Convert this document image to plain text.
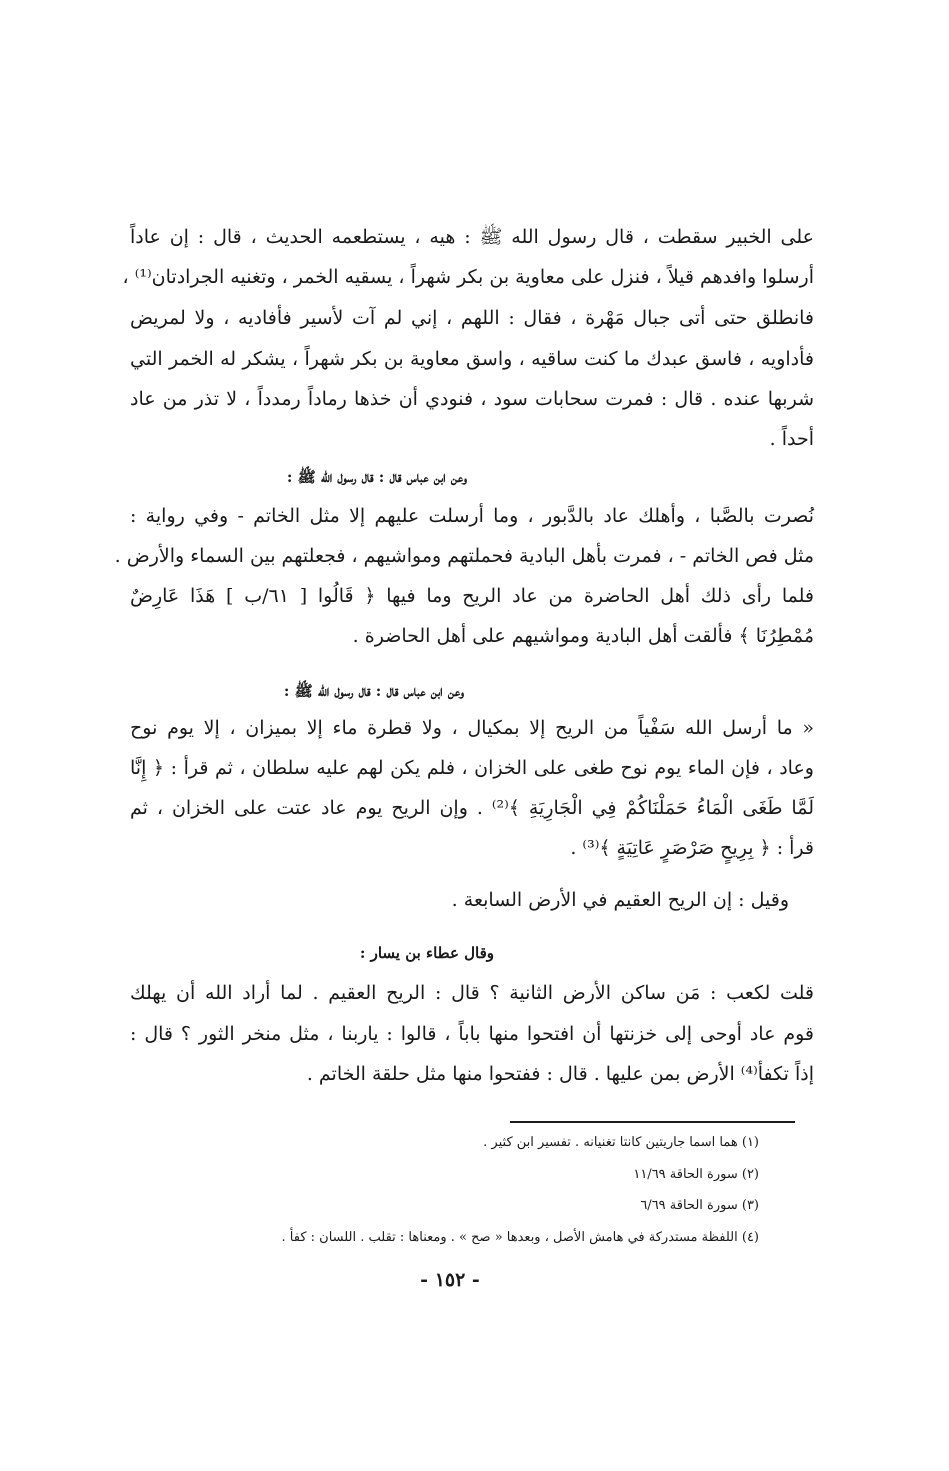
على الخبير سقطت ، قال رسول الله ﷺ : هيه ، يستطعمه الحديث ، قال : إن عاداً
أرسلوا وافدهم قيلاً ، فنزل على معاوية بن بكر شهراً ، يسقيه الخمر ، وتغنيه الجرادتان⁽¹⁾ ،
فانطلق حتى أتى جبال مَهْرة ، فقال : اللهم ، إني لم آت لأسير فأفاديه ، ولا لمريض
فأداويه ، فاسق عبدك ما كنت ساقيه ، واسق معاوية بن بكر شهراً ، يشكر له الخمر التي
شربها عنده . قال : فمرت سحابات سود ، فنودي أن خذها رماداً رمدداً ، لا تذر من عاد
أحداً .
وعن ابن عباس قال : قال رسول الله ﷺ :
نُصرت بالصَّبا ، وأهلك عاد بالدَّبور ، وما أرسلت عليهم إلا مثل الخاتم - وفي رواية :
مثل فص الخاتم - ، فمرت بأهل البادية فحملتهم ومواشيهم ، فجعلتهم بين السماء والأرض .
فلما رأى ذلك أهل الحاضرة من عاد الريح وما فيها ﴿ قَالُوا [ ٦١/ب ] هَذَا عَارِضٌ
مُمْطِرُنَا ﴾ فألقت أهل البادية ومواشيهم على أهل الحاضرة .
وعن ابن عباس قال : قال رسول الله ﷺ :
« ما أرسل الله سَفْياً من الريح إلا بمكيال ، ولا قطرة ماء إلا بميزان ، إلا يوم نوح
وعاد ، فإن الماء يوم نوح طغى على الخزان ، فلم يكن لهم عليه سلطان ، ثم قرأ : ﴿ إِنَّا
لَمَّا طَغَى الْمَاءُ حَمَلْنَاكُمْ فِي الْجَارِيَةِ ﴾⁽²⁾ . وإن الريح يوم عاد عتت على الخزان ، ثم
قرأ : ﴿ بِرِيحٍ صَرْصَرٍ عَاتِيَةٍ ﴾⁽³⁾ .
وقيل : إن الريح العقيم في الأرض السابعة .
وقال عطاء بن يسار :
قلت لكعب : مَن ساكن الأرض الثانية ؟ قال : الريح العقيم . لما أراد الله أن يهلك
قوم عاد أوحى إلى خزنتها أن افتحوا منها باباً ، قالوا : ياربنا ، مثل منخر الثور ؟ قال :
إذاً تكفأ⁽⁴⁾ الأرض بمن عليها . قال : ففتحوا منها مثل حلقة الخاتم .
(١) هما اسما جاريتين كانتا تغنيانه . تفسير ابن كثير .
(٢) سورة الحاقة ١١/٦٩
(٣) سورة الحاقة ٦/٦٩
(٤) اللفظة مستدركة في هامش الأصل ، وبعدها « صح » . ومعناها : تقلب . اللسان : كفأ .
- ١٥٢ -
